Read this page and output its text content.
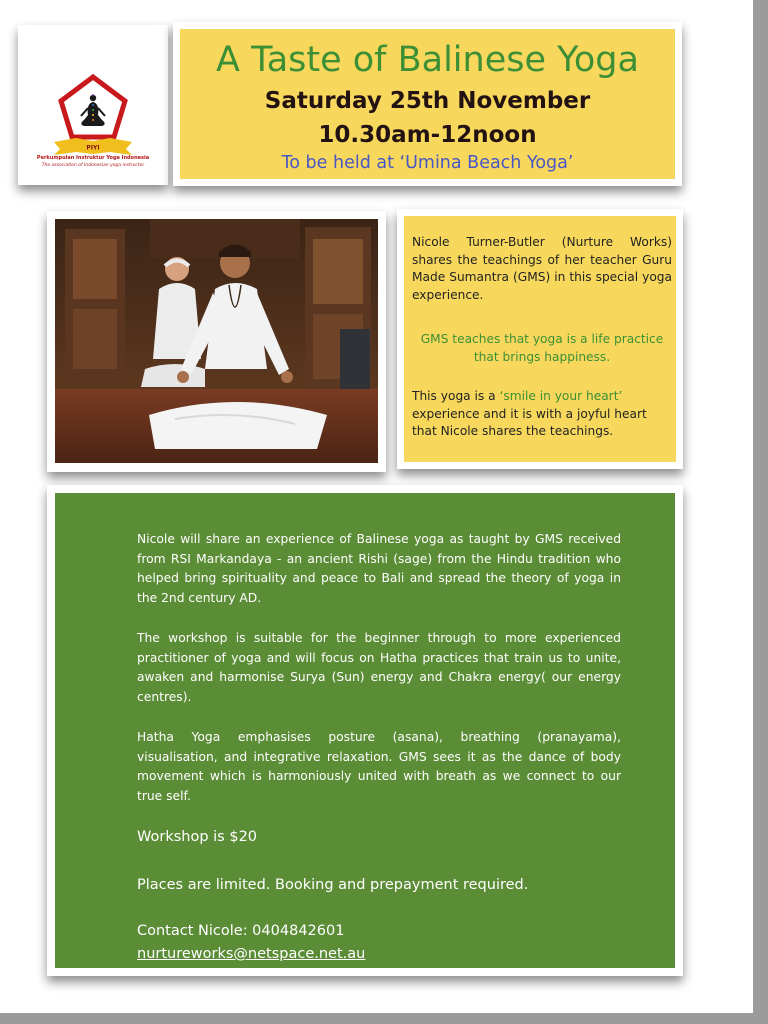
PIYI
Perkumpulan Instruktur Yoga Indonesia
The association of Indonesian yoga instructor
A Taste of Balinese Yoga
Saturday 25th November
10.30am-12noon
To be held at ‘Umina Beach Yoga’
Nicole Turner-Butler (Nurture Works) shares the teachings of her teacher Guru Made Sumantra (GMS) in this special yoga experience.
GMS teaches that yoga is a life practice that brings happiness.
This yoga is a ‘smile in your heart’ experience and it is with a joyful heart that Nicole shares the teachings.
Nicole will share an experience of Balinese yoga as taught by GMS received from RSI Markandaya - an ancient Rishi (sage) from the Hindu tradition who helped bring spirituality and peace to Bali and spread the theory of yoga in the 2nd century AD.
The workshop is suitable for the beginner through to more experienced practitioner of yoga and will focus on Hatha practices that train us to unite, awaken and harmonise Surya (Sun) energy and Chakra energy( our energy centres).
Hatha Yoga emphasises posture (asana), breathing (pranayama), visualisation, and integrative relaxation. GMS sees it as the dance of body movement which is harmoniously united with breath as we connect to our true self.
Workshop is $20
Places are limited. Booking and prepayment required.
Contact Nicole: 0404842601
nurtureworks@netspace.net.au
